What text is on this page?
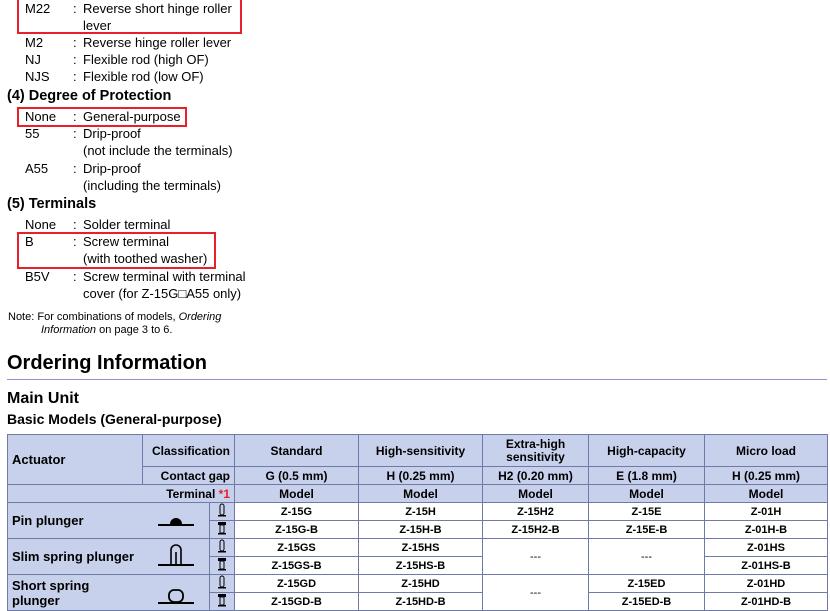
M22 : Reverse short hinge roller
lever
M2 : Reverse hinge roller lever
NJ : Flexible rod (high OF)
NJS : Flexible rod (low OF)
(4) Degree of Protection
None : General-purpose
55	: Drip-proof
(not include the terminals)
A55 : Drip-proof
(including the terminals)
(5) Terminals
None : Solder terminal
B	: Screw terminal
(with toothed washer)
B5V : Screw terminal with terminal
cover (for Z-15G□A55 only)
Note: For combinations of models, Ordering
Information on page 3 to 6.
Ordering Information
Main Unit
Basic Models (General-purpose)
Actuator	Classification		Standard	High-sensitivity	Extra-high sensitivity	High-capacity	Micro load
	Contact gap		G (0.5 mm)	H (0.25 mm)	H2 (0.20 mm)	E (1.8 mm)	H (0.25 mm)
Terminal *1			Model	Model	Model	Model	Model
Pin plunger			Z-15G	Z-15H	Z-15H2	Z-15E	Z-01H
	Z-15G-B	Z-15H-B	Z-15H2-B	Z-15E-B	Z-01H-B
Slim spring plunger			Z-15GS	Z-15HS	---	---	Z-01HS
	Z-15GS-B	Z-15HS-B			Z-01HS-B
Short spring plunger			Z-15GD	Z-15HD	---	Z-15ED	Z-01HD
	Z-15GD-B	Z-15HD-B		Z-15ED-B	Z-01HD-B
